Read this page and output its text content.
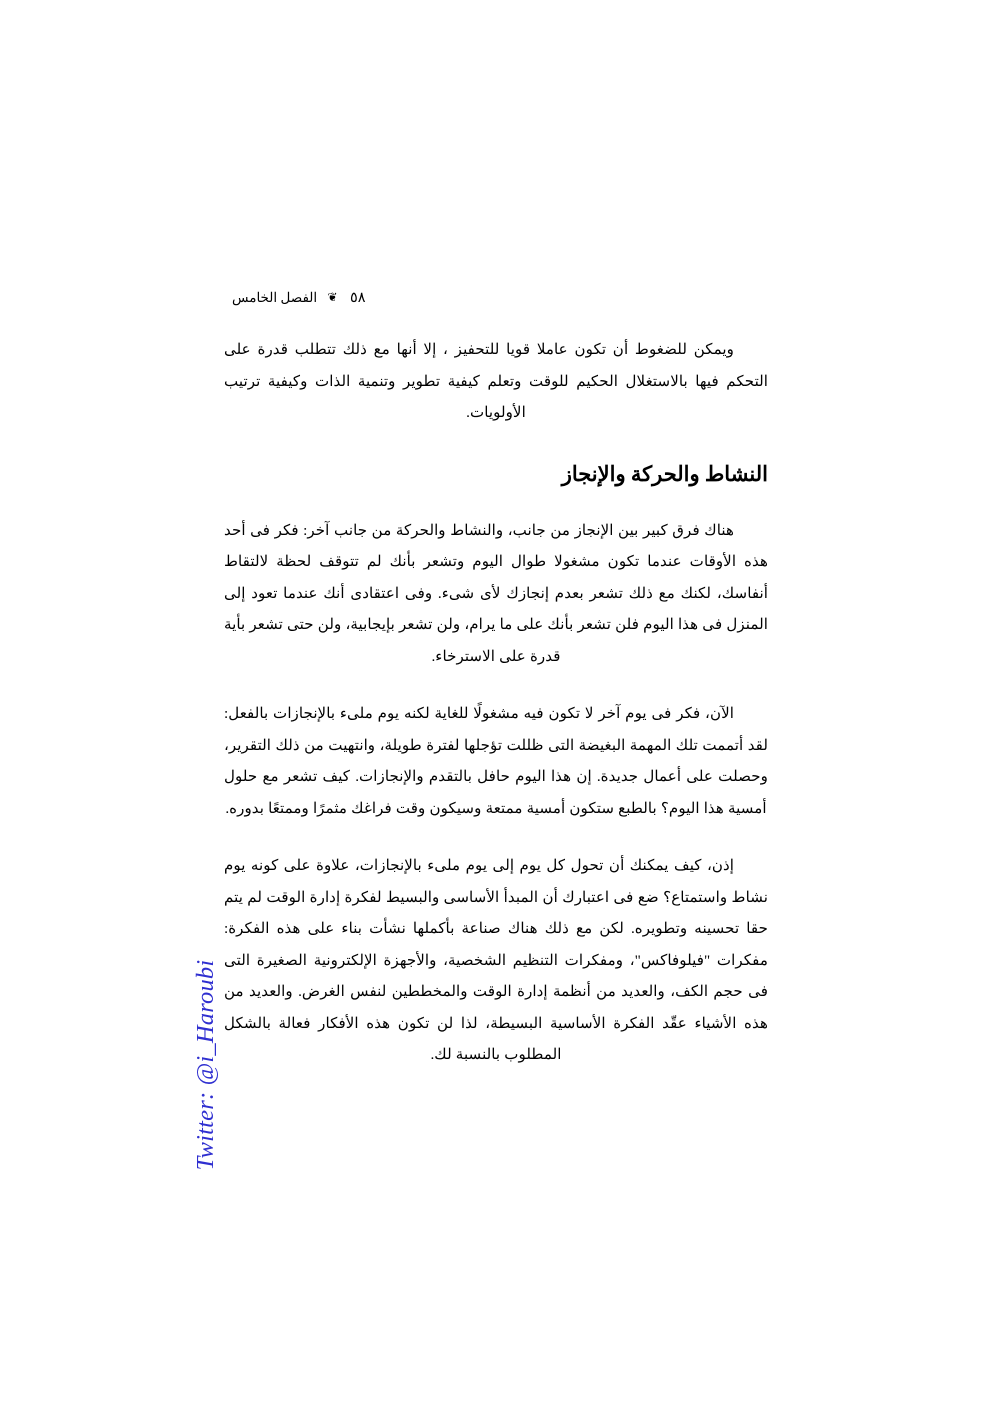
٥٨ ❦ الفصل الخامس

ويمكن للضغوط أن تكون عاملا قويا للتحفيز ، إلا أنها مع ذلك تتطلب قدرة على التحكم فيها بالاستغلال الحكيم للوقت وتعلم كيفية تطوير وتنمية الذات وكيفية ترتيب الأولويات.

النشاط والحركة والإنجاز

هناك فرق كبير بين الإنجاز من جانب، والنشاط والحركة من جانب آخر: فكر فى أحد هذه الأوقات عندما تكون مشغولا طوال اليوم وتشعر بأنك لم تتوقف لحظة لالتقاط أنفاسك، لكنك مع ذلك تشعر بعدم إنجازك لأى شىء. وفى اعتقادى أنك عندما تعود إلى المنزل فى هذا اليوم فلن تشعر بأنك على ما يرام، ولن تشعر بإيجابية، ولن حتى تشعر بأية قدرة على الاسترخاء.

الآن، فكر فى يوم آخر لا تكون فيه مشغولًا للغاية لكنه يوم ملىء بالإنجازات بالفعل: لقد أتممت تلك المهمة البغيضة التى ظللت تؤجلها لفترة طويلة، وانتهيت من ذلك التقرير، وحصلت على أعمال جديدة. إن هذا اليوم حافل بالتقدم والإنجازات. كيف تشعر مع حلول أمسية هذا اليوم؟ بالطبع ستكون أمسية ممتعة وسيكون وقت فراغك مثمرًا وممتعًا بدوره.

إذن، كيف يمكنك أن تحول كل يوم إلى يوم ملىء بالإنجازات، علاوة على كونه يوم نشاط واستمتاع؟ ضع فى اعتبارك أن المبدأ الأساسى والبسيط لفكرة إدارة الوقت لم يتم حقا تحسينه وتطويره. لكن مع ذلك هناك صناعة بأكملها نشأت بناء على هذه الفكرة: مفكرات "فيلوفاكس"، ومفكرات التنظيم الشخصية، والأجهزة الإلكترونية الصغيرة التى فى حجم الكف، والعديد من أنظمة إدارة الوقت والمخططين لنفس الغرض. والعديد من هذه الأشياء عقّد الفكرة الأساسية البسيطة، لذا لن تكون هذه الأفكار فعالة بالشكل المطلوب بالنسبة لك.

Twitter: @i_Haroubi
